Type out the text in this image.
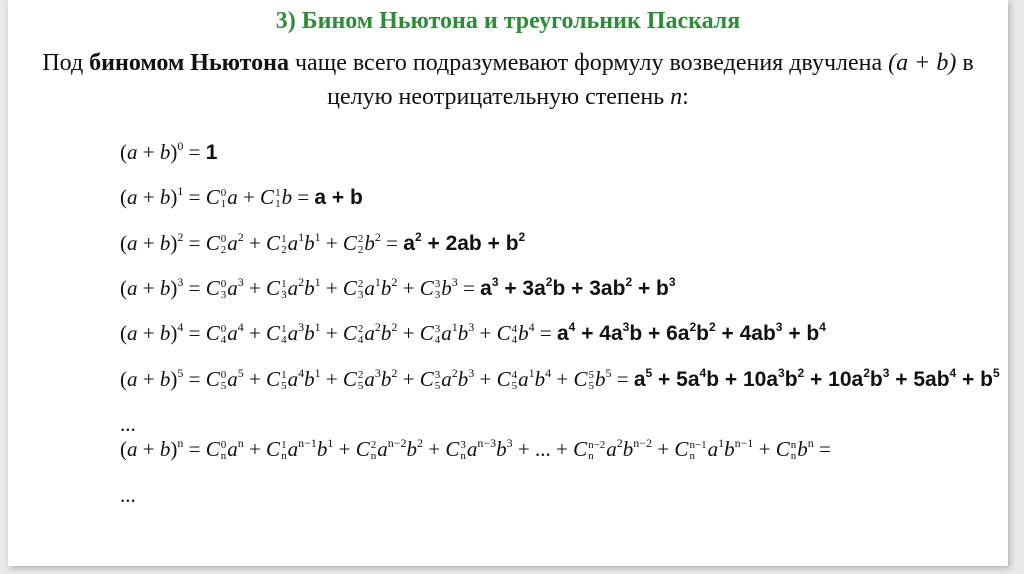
3) Бином Ньютона и треугольник Паскаля
Под биномом Ньютона чаще всего подразумевают формулу возведения двучлена (a + b) в целую неотрицательную степень n:
$(a + b)^0 = 1$
$(a + b)^1 = C$ 0
1 a + C 1
1 b = a + b
$(a + b)^2 = C$ 0
2 $a^2 + C$ 1
2 $a^1b^1 + C$ 2
2 $b^2 = a^2 + 2ab + b^2$
$(a + b)^3 = C$ 0
3 $a^3 + C$ 1
3 $a^2b^1 + C$ 2
3 $a^1b^2 + C$ 3
3 $b^3 = a^3 + 3a^2b + 3ab^2 + b^3$
$(a + b)^4 = C$ 0
4 $a^4 + C$ 1
4 $a^3b^1 + C$ 2
4 $a^2b^2 + C$ 3
4 $a^1b^3 + C$ 4
4 $b^4 = a^4 + 4a^3b + 6a^2b^2 + 4ab^3 + b^4$
$(a + b)^5 = C$ 0
5 $a^5 + C$ 1
5 $a^4b^1 + C$ 2
5 $a^3b^2 + C$ 3
5 $a^2b^3 + C$ 4
5 $a^1b^4 + C$ 5
5 $b^5 = a^5 + 5a^4b + 10a^3b^2 + 10a^2b^3 + 5ab^4 + b^5$
...
$(a + b)^n = C$ 0
n $a^n + C$ 1
n $a^{n-1}b^1 + C$ 2
n $a^{n-2}b^2 + C$ 3
n $a^{n-3}b^3$ + ... + C n−2
n $a^2b^{n-2} + C$ n−1
n $a^1b^{n-1} + C$ n
n $b^n$ =
...
